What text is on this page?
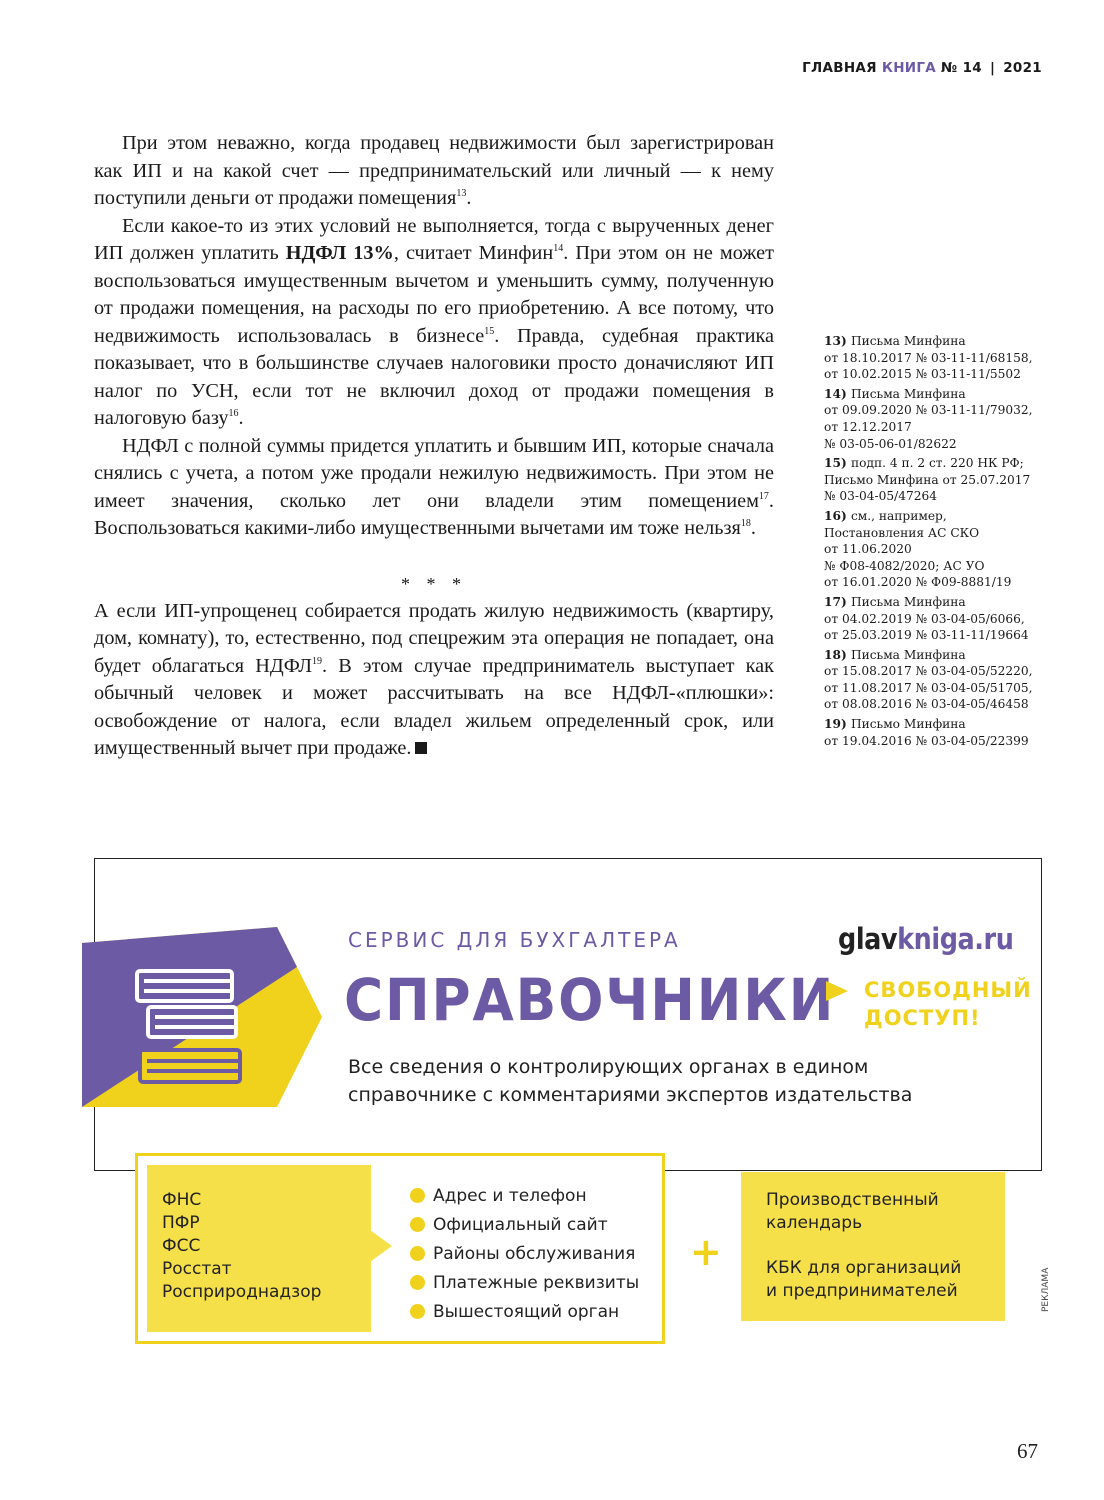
ГЛАВНАЯ КНИГА № 14 | 2021

При этом неважно, когда продавец недвижимости был зарегистрирован как ИП и на какой счет — предпринимательский или личный — к нему поступили деньги от продажи помещения$^{13}$.

Если какое-то из этих условий не выполняется, тогда с вырученных денег ИП должен уплатить НДФЛ 13%, считает Минфин$^{14}$. При этом он не может воспользоваться имущественным вычетом и уменьшить сумму, полученную от продажи помещения, на расходы по его приобретению. А все потому, что недвижимость использовалась в бизнесе$^{15}$. Правда, судебная практика показывает, что в большинстве случаев налоговики просто доначисляют ИП налог по УСН, если тот не включил доход от продажи помещения в налоговую базу$^{16}$.

НДФЛ с полной суммы придется уплатить и бывшим ИП, которые сначала снялись с учета, а потом уже продали нежилую недвижимость. При этом не имеет значения, сколько лет они владели этим помещением$^{17}$. Воспользоваться какими-либо имущественными вычетами им тоже нельзя$^{18}$.

* * *

А если ИП-упрощенец собирается продать жилую недвижимость (квартиру, дом, комнату), то, естественно, под спецрежим эта операция не попадает, она будет облагаться НДФЛ$^{19}$. В этом случае предприниматель выступает как обычный человек и может рассчитывать на все НДФЛ-«плюшки»: освобождение от налога, если владел жильем определенный срок, или имущественный вычет при продаже.

13) Письма Минфина
от 18.10.2017 № 03-11-11/68158,
от 10.02.2015 № 03-11-11/5502
14) Письма Минфина
от 09.09.2020 № 03-11-11/79032,
от 12.12.2017
№ 03-05-06-01/82622
15) подп. 4 п. 2 ст. 220 НК РФ;
Письмо Минфина от 25.07.2017
№ 03-04-05/47264
16) см., например,
Постановления АС СКО
от 11.06.2020
№ Ф08-4082/2020; АС УО
от 16.01.2020 № Ф09-8881/19
17) Письма Минфина
от 04.02.2019 № 03-04-05/6066,
от 25.03.2019 № 03-11-11/19664
18) Письма Минфина
от 15.08.2017 № 03-04-05/52220,
от 11.08.2017 № 03-04-05/51705,
от 08.08.2016 № 03-04-05/46458
19) Письмо Минфина
от 19.04.2016 № 03-04-05/22399
СЕРВИС ДЛЯ БУХГАЛТЕРА
СПРАВОЧНИКИ
glavkniga.ru
СВОБОДНЫЙ
ДОСТУП!
Все сведения о контролирующих органах в едином
справочнике с комментариями экспертов издательства
ФНС
ПФР
ФСС
Росстат
Росприроднадзор
Адрес и телефон
Официальный сайт
Районы обслуживания
Платежные реквизиты
Вышестоящий орган
+
Производственный
календарь
КБК для организаций
и предпринимателей	РЕКЛАМА
67
